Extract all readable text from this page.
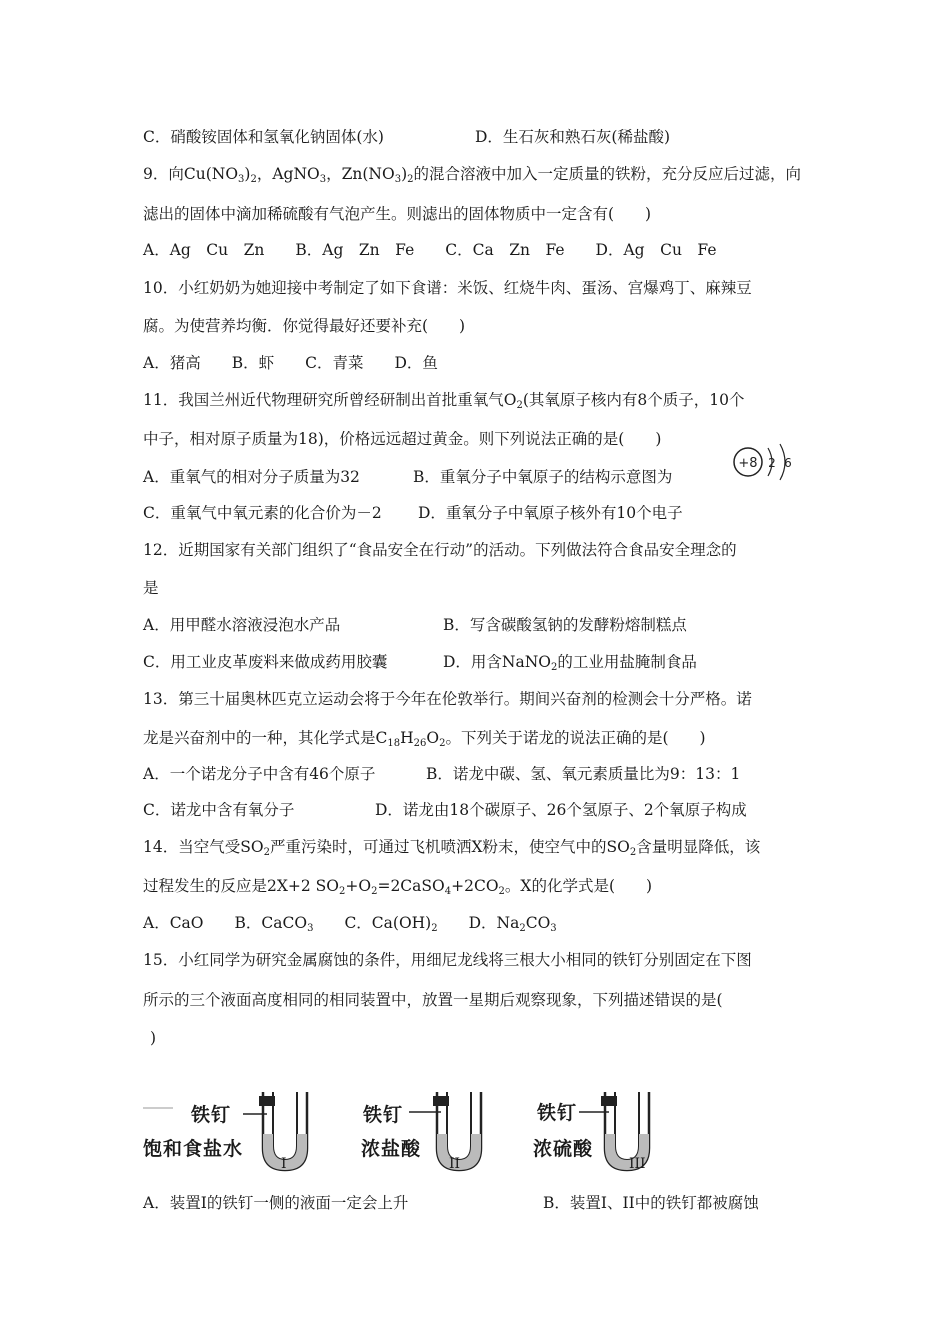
C．硝酸铵固体和氢氧化钠固体(水)	D．生石灰和熟石灰(稀盐酸)
9．向$Cu(NO_3)_2$，AgNO$_3$，$Zn(NO_3)_2$的混合溶液中加入一定质量的铁粉，充分反应后过滤，向
滤出的固体中滴加稀硫酸有气泡产生。则滤出的固体物质中一定含有(　　)
A．Ag　Cu　Zn　　B．Ag　Zn　Fe　　C．Ca　Zn　Fe　　D．Ag　Cu　Fe
10．小红奶奶为她迎接中考制定了如下食谱：米饭、红烧牛肉、蛋汤、宫爆鸡丁、麻辣豆
腐。为使营养均衡．你觉得最好还要补充(　　)
A．猪高　　B．虾　　C．青菜　　D．鱼
11．我国兰州近代物理研究所曾经研制出首批重氧气$O_2$(其氧原子核内有8个质子，10个
中子，相对原子质量为18)，价格远远超过黄金。则下列说法正确的是(　　)
A．重氧气的相对分子质量为32	B．重氧分子中氧原子的结构示意图为
+8 2 6
C．重氧气中氧元素的化合价为－2 D．重氧分子中氧原子核外有10个电子
12．近期国家有关部门组织了“食品安全在行动”的活动。下列做法符合食品安全理念的
是
A．用甲醛水溶液浸泡水产品	B．写含碳酸氢钠的发酵粉熔制糕点
C．用工业皮革废料来做成药用胶囊	D．用含NaNO$_2$的工业用盐腌制食品
13．第三十届奥林匹克立运动会将于今年在伦敦举行。期间兴奋剂的检测会十分严格。诺
龙是兴奋剂中的一种，其化学式是$C_{18}H_{26}O_2$。下列关于诺龙的说法正确的是(　　)
A．一个诺龙分子中含有46个原子	B．诺龙中碳、氢、氧元素质量比为9：13：1
C．诺龙中含有氧分子	D．诺龙由18个碳原子、26个氢原子、2个氧原子构成
14．当空气受$SO_2$严重污染时，可通过飞机喷洒X粉末，使空气中的$SO_2$含量明显降低，该
过程发生的反应是2X+2 $SO_2+O_2=2CaSO_4+2CO_2$。X的化学式是(　　)
A．CaO　　B．CaCO$_3$　　C．$Ca(OH)_2$　　D．$Na_2CO_3$
15．小红同学为研究金属腐蚀的条件，用细尼龙线将三根大小相同的铁钉分别固定在下图
所示的三个液面高度相同的相同装置中，放置一星期后观察现象，下列描述错误的是(
)
铁钉
饱和食盐水
铁钉
浓盐酸
铁钉
浓硫酸
I	II	III
A．装置I的铁钉一侧的液面一定会上升	B．装置I、II中的铁钉都被腐蚀
